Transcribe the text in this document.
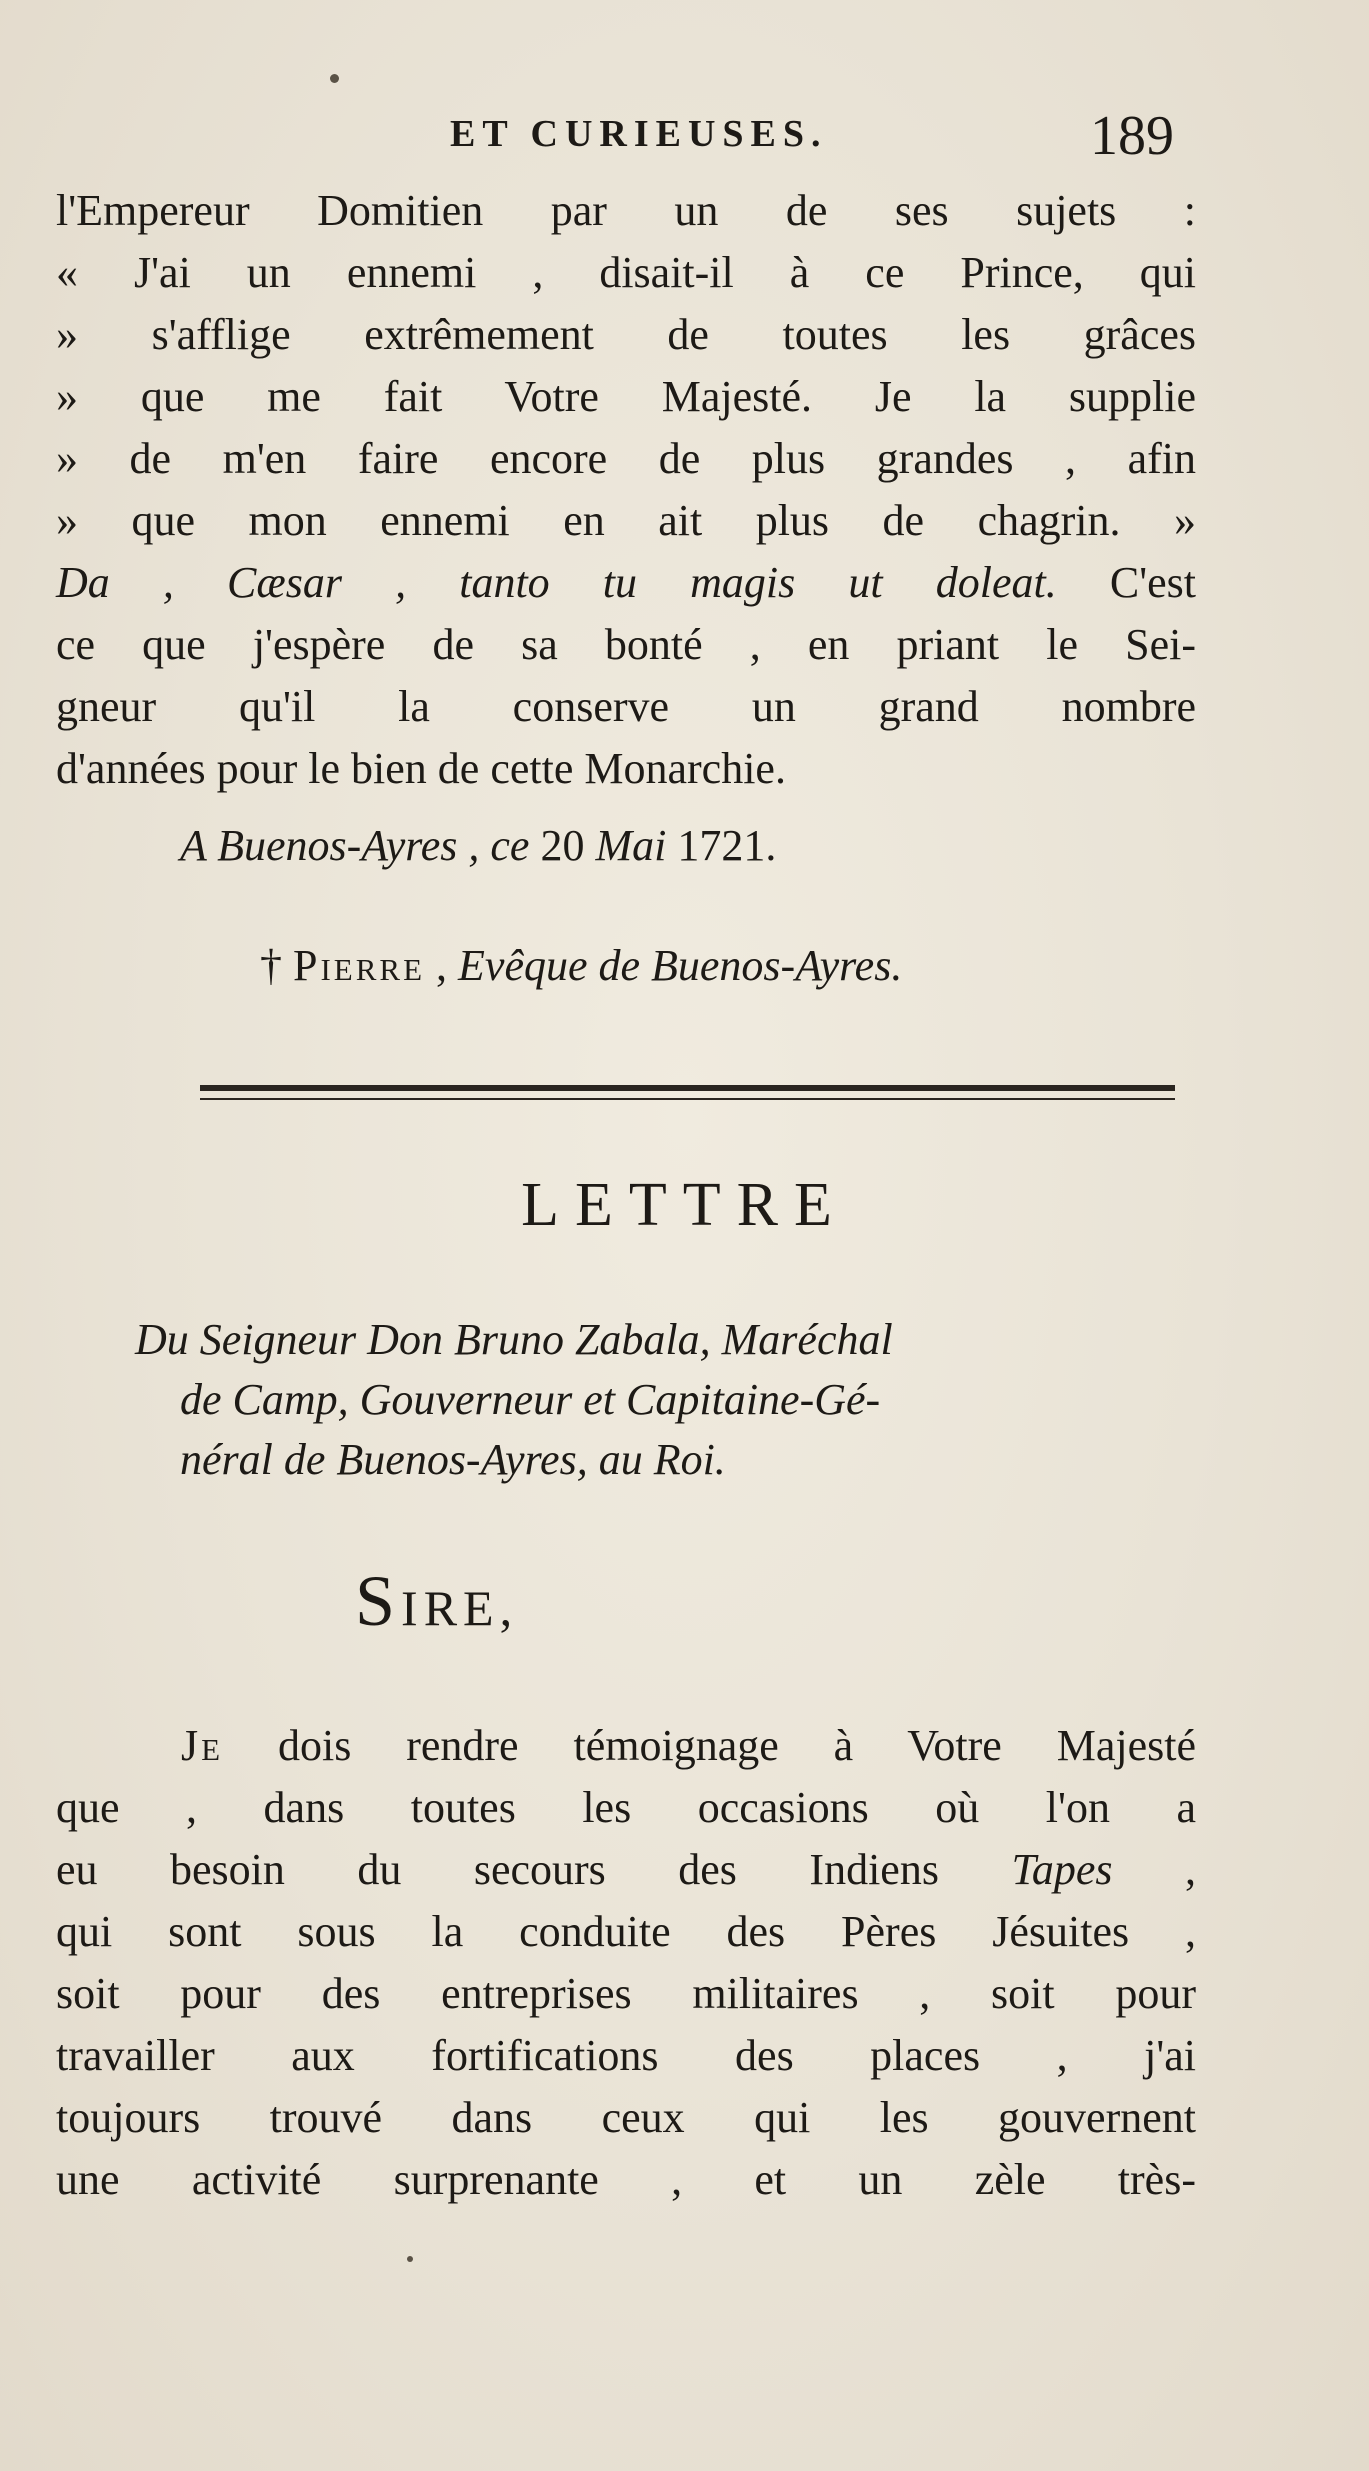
ET CURIEUSES.	189
l'Empereur Domitien par un de ses sujets :
« J'ai un ennemi , disait-il à ce Prince, qui
» s'afflige extrêmement de toutes les grâces
» que me fait Votre Majesté. Je la supplie
» de m'en faire encore de plus grandes , afin
» que mon ennemi en ait plus de chagrin. »
Da , Cæsar , tanto tu magis ut doleat. C'est
ce que j'espère de sa bonté , en priant le Sei-
gneur qu'il la conserve un grand nombre
d'années pour le bien de cette Monarchie.
A Buenos-Ayres , ce 20 Mai 1721.
† Pierre , Evêque de Buenos-Ayres.
LETTRE
Du Seigneur Don Bruno Zabala, Maréchal
de Camp, Gouverneur et Capitaine-Gé-
néral de Buenos-Ayres, au Roi.
SIRE,
Je dois rendre témoignage à Votre Majesté
que , dans toutes les occasions où l'on a
eu besoin du secours des Indiens Tapes ,
qui sont sous la conduite des Pères Jésuites ,
soit pour des entreprises militaires , soit pour
travailler aux fortifications des places , j'ai
toujours trouvé dans ceux qui les gouvernent
une activité surprenante , et un zèle très-
